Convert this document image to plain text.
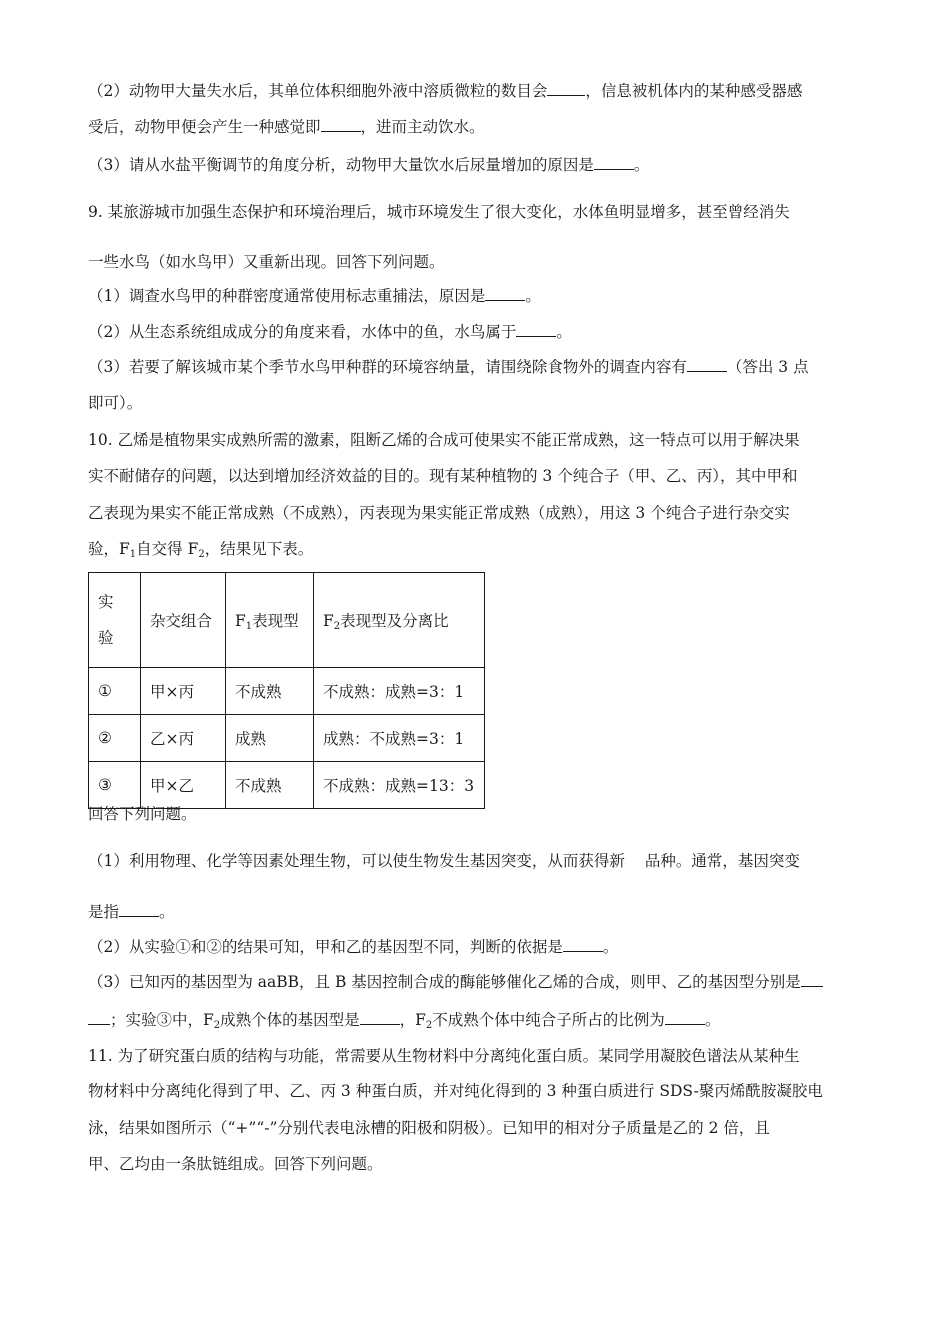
（2）动物甲大量失水后，其单位体积细胞外液中溶质微粒的数目会 ，信息被机体内的某种感受器感
受后，动物甲便会产生一种感觉即	，进而主动饮水。
（3）请从水盐平衡调节的角度分析，动物甲大量饮水后尿量增加的原因是	。
9. 某旅游城市加强生态保护和环境治理后，城市环境发生了很大变化，水体鱼明显增多，甚至曾经消失
一些水鸟（如水鸟甲）又重新出现。回答下列问题。
（1）调查水鸟甲的种群密度通常使用标志重捕法，原因是	。
（2）从生态系统组成成分的角度来看，水体中的鱼，水鸟属于	。
（3）若要了解该城市某个季节水鸟甲种群的环境容纳量，请围绕除食物外的调查内容有	（答出 3 点
即可）。
10. 乙烯是植物果实成熟所需的激素，阻断乙烯的合成可使果实不能正常成熟，这一特点可以用于解决果
实不耐储存的问题，以达到增加经济效益的目的。现有某种植物的 3 个纯合子（甲、乙、丙），其中甲和
乙表现为果实不能正常成熟（不成熟），丙表现为果实能正常成熟（成熟），用这 3 个纯合子进行杂交实
验，$F_1$自交得 $F_2$，结果见下表。
实
验	杂交组合	$F_1$表现型	$F_2$表现型及分离比
①	甲×丙	不成熟	不成熟：成熟=3：1
②	乙×丙	成熟	成熟：不成熟=3：1
③	甲×乙	不成熟	不成熟：成熟=13：3
回答下列问题。
（1）利用物理、化学等因素处理生物，可以使生物发生基因突变，从而获得新 品种。通常，基因突变
是指	。
（2）从实验①和②的结果可知，甲和乙的基因型不同，判断的依据是	。
（3）已知丙的基因型为 aaBB，且 B 基因控制合成的酶能够催化乙烯的合成，则甲、乙的基因型分别是
；实验③中，$F_2$成熟个体的基因型是	，$F_2$不成熟个体中纯合子所占的比例为	。
11. 为了研究蛋白质的结构与功能，常需要从生物材料中分离纯化蛋白质。某同学用凝胶色谱法从某种生
物材料中分离纯化得到了甲、乙、丙 3 种蛋白质，并对纯化得到的 3 种蛋白质进行 SDS-聚丙烯酰胺凝胶电
泳，结果如图所示（“+”“-”分别代表电泳槽的阳极和阴极）。已知甲的相对分子质量是乙的 2 倍，且
甲、乙均由一条肽链组成。回答下列问题。
